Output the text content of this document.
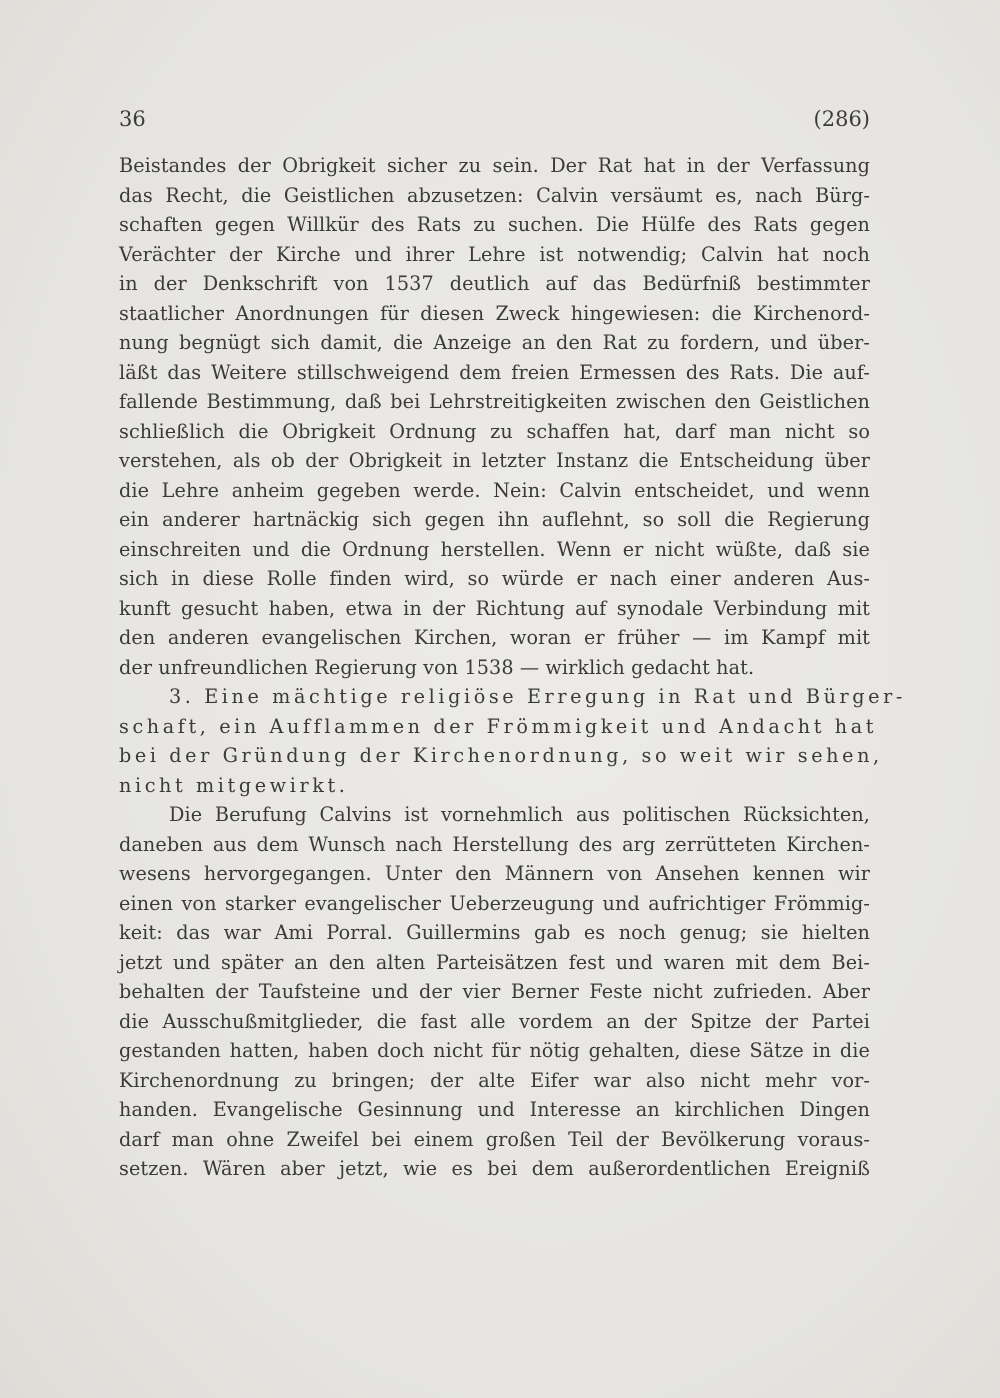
36	(286)
Beistandes der Obrigkeit sicher zu sein. Der Rat hat in der Verfassung
das Recht, die Geistlichen abzusetzen: Calvin versäumt es, nach Bürg-
schaften gegen Willkür des Rats zu suchen. Die Hülfe des Rats gegen
Verächter der Kirche und ihrer Lehre ist notwendig; Calvin hat noch
in der Denkschrift von 1537 deutlich auf das Bedürfniß bestimmter
staatlicher Anordnungen für diesen Zweck hingewiesen: die Kirchenord-
nung begnügt sich damit, die Anzeige an den Rat zu fordern, und über-
läßt das Weitere stillschweigend dem freien Ermessen des Rats. Die auf-
fallende Bestimmung, daß bei Lehrstreitigkeiten zwischen den Geistlichen
schließlich die Obrigkeit Ordnung zu schaffen hat, darf man nicht so
verstehen, als ob der Obrigkeit in letzter Instanz die Entscheidung über
die Lehre anheim gegeben werde. Nein: Calvin entscheidet, und wenn
ein anderer hartnäckig sich gegen ihn auflehnt, so soll die Regierung
einschreiten und die Ordnung herstellen. Wenn er nicht wüßte, daß sie
sich in diese Rolle finden wird, so würde er nach einer anderen Aus-
kunft gesucht haben, etwa in der Richtung auf synodale Verbindung mit
den anderen evangelischen Kirchen, woran er früher — im Kampf mit
der unfreundlichen Regierung von 1538 — wirklich gedacht hat.
3. Eine mächtige religiöse Erregung in Rat und Bürger-
schaft, ein Aufflammen der Frömmigkeit und Andacht hat
bei der Gründung der Kirchenordnung, so weit wir sehen,
nicht mitgewirkt.
Die Berufung Calvins ist vornehmlich aus politischen Rücksichten,
daneben aus dem Wunsch nach Herstellung des arg zerrütteten Kirchen-
wesens hervorgegangen. Unter den Männern von Ansehen kennen wir
einen von starker evangelischer Ueberzeugung und aufrichtiger Frömmig-
keit: das war Ami Porral. Guillermins gab es noch genug; sie hielten
jetzt und später an den alten Parteisätzen fest und waren mit dem Bei-
behalten der Taufsteine und der vier Berner Feste nicht zufrieden. Aber
die Ausschußmitglieder, die fast alle vordem an der Spitze der Partei
gestanden hatten, haben doch nicht für nötig gehalten, diese Sätze in die
Kirchenordnung zu bringen; der alte Eifer war also nicht mehr vor-
handen. Evangelische Gesinnung und Interesse an kirchlichen Dingen
darf man ohne Zweifel bei einem großen Teil der Bevölkerung voraus-
setzen. Wären aber jetzt, wie es bei dem außerordentlichen Ereigniß
